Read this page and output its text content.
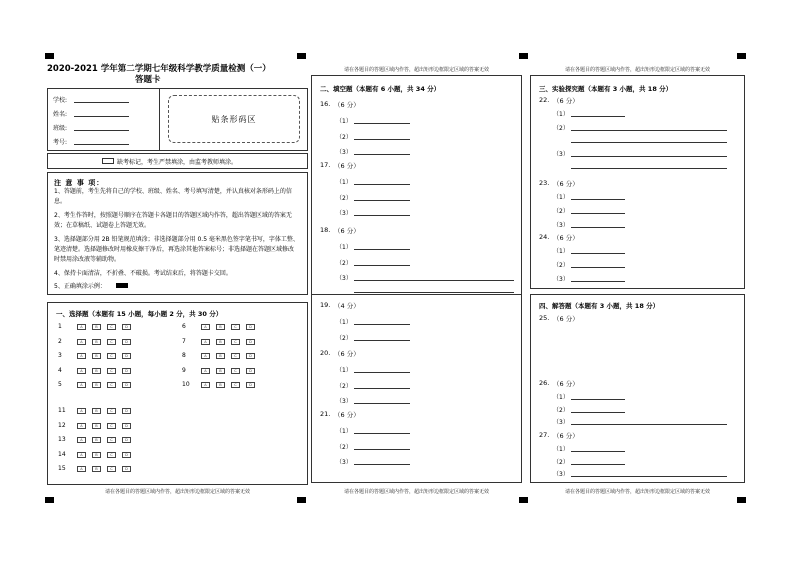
2020-2021 学年第二学期七年级科学教学质量检测（一）
答题卡
学校:
姓名:
班级:
考号:
贴条形码区
缺考标记，考生严禁填涂，由监考教师填涂。
注 意 事 项：
1、答题前，考生先将自己的学校、班级、姓名、考号填写清楚，并认真核对条形码上的信息。
2、考生作答时，按照题号顺序在答题卡各题目的答题区域内作答，超出答题区域的答案无效；在草稿纸、试题卷上答题无效。
3、选择题部分用 2B 铅笔规范填涂；非选择题部分用 0.5 毫米黑色签字笔书写，字体工整、笔迹清楚。选择题修改时用橡皮擦干净后，再选涂其他答案标号；非选择题在答题区域修改时禁用涂改液等辅助物。
4、保持卡面清洁，不折叠、不破损。考试结束后，将答题卡交回。
5、正确填涂示例：
一、选择题（本题有 15 小题，每小题 2 分，共 30 分）
1	A	B	C	D
2	A	B	C	D
3	A	B	C	D
4	A	B	C	D
5	A	B	C	D
6	A	B	C	D
7	A	B	C	D
8	A	B	C	D
9	A	B	C	D
10	A	B	C	D
11	A	B	C	D
12	A	B	C	D
13	A	B	C	D
14	A	B	C	D
15	A	B	C	D
请在各题目的答题区域内作答，超出矩形边框限定区域的答案无效
请在各题目的答题区域内作答，超出矩形边框限定区域的答案无效
二、填空题（本题有 6 小题，共 34 分）
16. （6 分）
（1）
（2）
（3）
17. （6 分）
（1）
（2）
（3）
18. （6 分）
（1）
（2）
（3）
19. （4 分）
（1）
（2）
20. （6 分）
（1）
（2）
（3）
21. （6 分）
（1）
（2）
（3）
请在各题目的答题区域内作答，超出矩形边框限定区域的答案无效
请在各题目的答题区域内作答，超出矩形边框限定区域的答案无效
三、实验探究题（本题有 3 小题，共 18 分）
22. （6 分）
（1）
（2）
（3）
23. （6 分）
（1）
（2）
（3）
24. （6 分）
（1）
（2）
（3）
四、解答题（本题有 3 小题，共 18 分）
25. （6 分）
26. （6 分）
（1）
（2）
（3）
27. （6 分）
（1）
（2）
（3）
请在各题目的答题区域内作答，超出矩形边框限定区域的答案无效
